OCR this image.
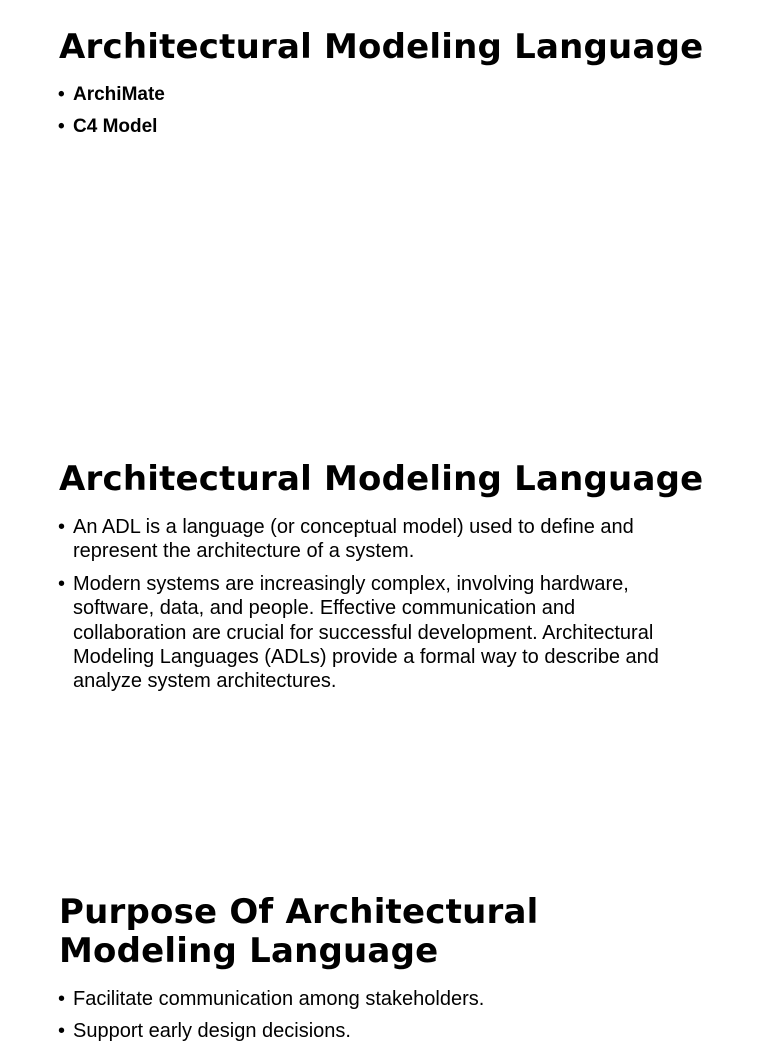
Architectural Modeling Language
• ArchiMate
• C4 Model
Architectural Modeling Language
• An ADL is a language (or conceptual model) used to define and represent the architecture of a system.
• Modern systems are increasingly complex, involving hardware, software, data, and people. Effective communication and collaboration are crucial for successful development. Architectural Modeling Languages (ADLs) provide a formal way to describe and analyze system architectures.
Purpose Of Architectural Modeling Language
• Facilitate communication among stakeholders.
• Support early design decisions.
